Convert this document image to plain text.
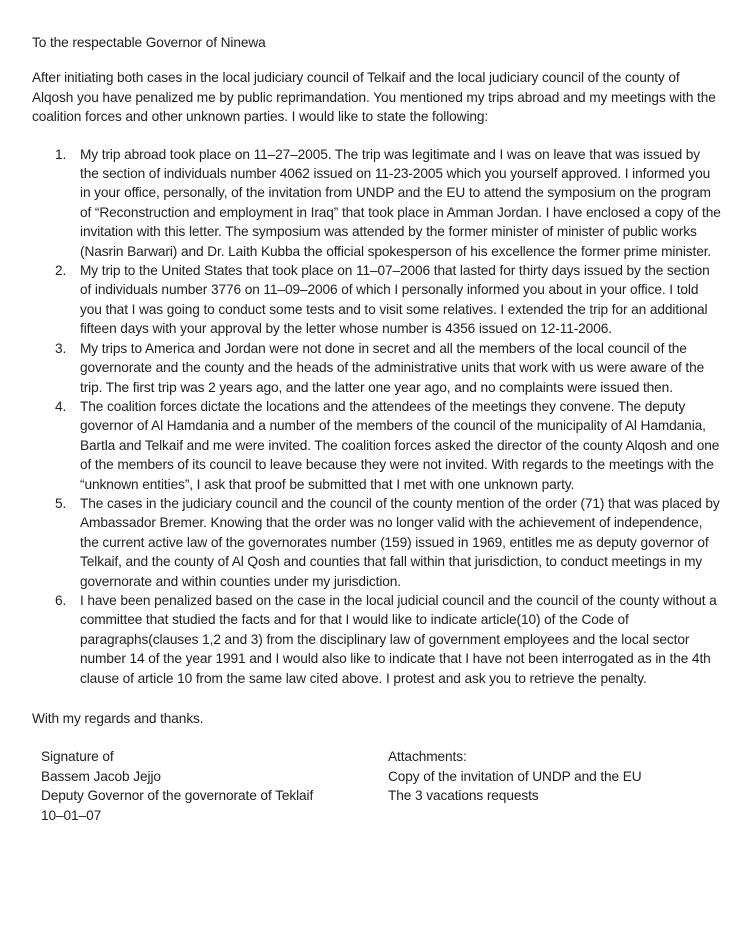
To the respectable Governor of Ninewa

After initiating both cases in the local judiciary council of Telkaif and the local judiciary council of the county of Alqosh you have penalized me by public reprimandation. You mentioned my trips abroad and my meetings with the coalition forces and other unknown parties. I would like to state the following:

My trip abroad took place on 11–27–2005. The trip was legitimate and I was on leave that was issued by the section of individuals number 4062 issued on 11-23-2005 which you yourself approved. I informed you in your office, personally, of the invitation from UNDP and the EU to attend the symposium on the program of “Reconstruction and employment in Iraq” that took place in Amman Jordan. I have enclosed a copy of the invitation with this letter. The symposium was attended by the former minister of minister of public works (Nasrin Barwari) and Dr. Laith Kubba the official spokesperson of his excellence the former prime minister.
My trip to the United States that took place on 11–07–2006 that lasted for thirty days issued by the section of individuals number 3776 on 11–09–2006 of which I personally informed you about in your office. I told you that I was going to conduct some tests and to visit some relatives. I extended the trip for an additional fifteen days with your approval by the letter whose number is 4356 issued on 12-11-2006.
My trips to America and Jordan were not done in secret and all the members of the local council of the governorate and the county and the heads of the administrative units that work with us were aware of the trip. The first trip was 2 years ago, and the latter one year ago, and no complaints were issued then.
The coalition forces dictate the locations and the attendees of the meetings they convene. The deputy governor of Al Hamdania and a number of the members of the council of the municipality of Al Hamdania, Bartla and Telkaif and me were invited. The coalition forces asked the director of the county Alqosh and one of the members of its council to leave because they were not invited. With regards to the meetings with the “unknown entities”, I ask that proof be submitted that I met with one unknown party.
The cases in the judiciary council and the council of the county mention of the order (71) that was placed by Ambassador Bremer. Knowing that the order was no longer valid with the achievement of independence, the current active law of the governorates number (159) issued in 1969, entitles me as deputy governor of Telkaif, and the county of Al Qosh and counties that fall within that jurisdiction, to conduct meetings in my governorate and within counties under my jurisdiction.
I have been penalized based on the case in the local judicial council and the council of the county without a committee that studied the facts and for that I would like to indicate article(10) of the Code of paragraphs(clauses 1,2 and 3) from the disciplinary law of government employees and the local sector number 14 of the year 1991 and I would also like to indicate that I have not been interrogated as in the 4th clause of article 10 from the same law cited above. I protest and ask you to retrieve the penalty.

With my regards and thanks.

Signature of
Bassem Jacob Jejjo
Deputy Governor of the governorate of Teklaif
10–01–07
Attachments:
Copy of the invitation of UNDP and the EU
The 3 vacations requests
